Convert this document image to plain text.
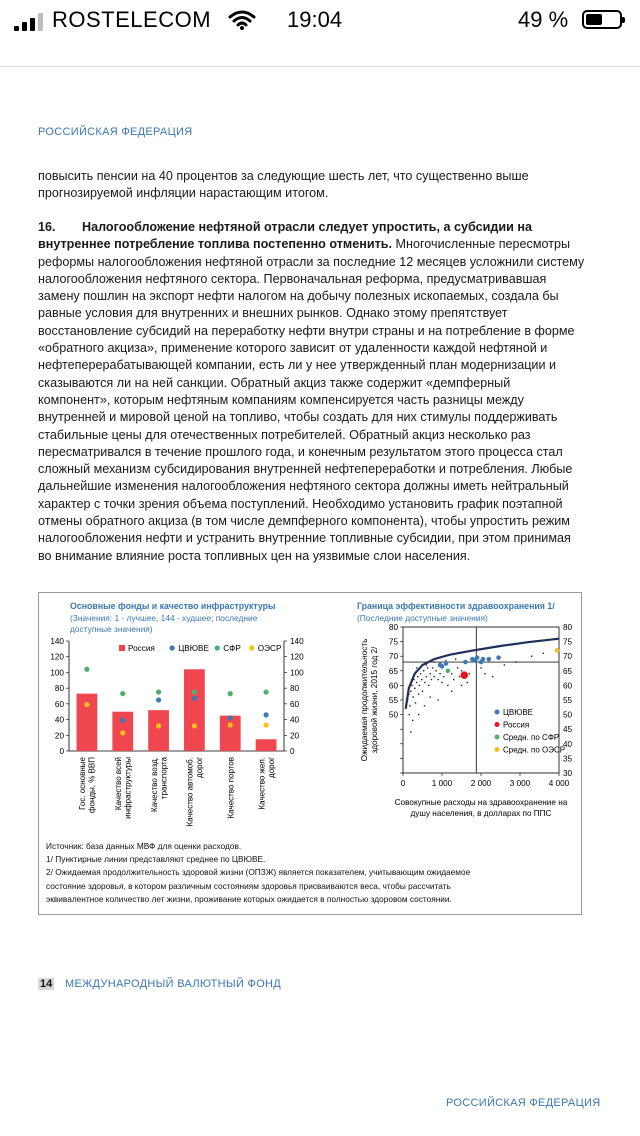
ROSTELECOM	19:04	49 %
РОССИЙСКАЯ ФЕДЕРАЦИЯ
повысить пенсии на 40 процентов за следующие шесть лет, что существенно выше прогнозируемой инфляции нарастающим итогом.
16. Налогообложение нефтяной отрасли следует упростить, а субсидии на внутреннее потребление топлива постепенно отменить. Многочисленные пересмотры реформы налогообложения нефтяной отрасли за последние 12 месяцев усложнили систему налогообложения нефтяного сектора. Первоначальная реформа, предусматривавшая замену пошлин на экспорт нефти налогом на добычу полезных ископаемых, создала бы равные условия для внутренних и внешних рынков. Однако этому препятствует восстановление субсидий на переработку нефти внутри страны и на потребление в форме «обратного акциза», применение которого зависит от удаленности каждой нефтяной и нефтеперерабатывающей компании, есть ли у нее утвержденный план модернизации и сказываются ли на ней санкции. Обратный акциз также содержит «демпферный компонент», которым нефтяным компаниям компенсируется часть разницы между внутренней и мировой ценой на топливо, чтобы создать для них стимулы поддерживать стабильные цены для отечественных потребителей. Обратный акциз несколько раз пересматривался в течение прошлого года, и конечным результатом этого процесса стал сложный механизм субсидирования внутренней нефтепереработки и потребления. Любые дальнейшие изменения налогообложения нефтяного сектора должны иметь нейтральный характер с точки зрения объема поступлений. Необходимо установить график поэтапной отмены обратного акциза (в том числе демпферного компонента), чтобы упростить режим налогообложения нефти и устранить внутренние топливные субсидии, при этом принимая во внимание влияние роста топливных цен на уязвимые слои населения.
Основные фонды и качество инфраструктуры
(Значения: 1 - лучшее, 144 - худшее; последние
доступные значения)
0	0
20	20
40	40
60	60
80	80
100	100
120	120
140	140
Гос. основные фонды, % ВВП Качество всей инфраструктуры Качество возд. транспорта Качество автомоб. дорог	Качество портов	Качество жел. дорог
Россия	ЦВЮВЕ СФР ОЭСР
Граница эффективности здравоохранения 1/
(Последние доступные значения)
30
35
40
45
50	50
55	55
60	60
65	65
70	70
75	75
80	80
0	1 000 2 000 3 000 4 000
ЦВЮВЕ
Россия
Средн. по СФР
Средн. по ОЭСР
Совокупные расходы на здравоохранение на
душу населения, в долларах по ППС
Ожидаемая продолжительность здоровой жизни, 2015 год 2/
Источник: база данных МВФ для оценки расходов.
1/ Пунктирные линии представляют среднее по ЦВЮВЕ.
2/ Ожидаемая продолжительность здоровой жизни (ОПЗЖ) является показателем, учитывающим ожидаемое
состояние здоровья, в котором различным состояниям здоровья присваиваются веса, чтобы рассчитать
эквивалентное количество лет жизни, проживание которых ожидается в полностью здоровом состоянии.
14 МЕЖДУНАРОДНЫЙ ВАЛЮТНЫЙ ФОНД
РОССИЙСКАЯ ФЕДЕРАЦИЯ
